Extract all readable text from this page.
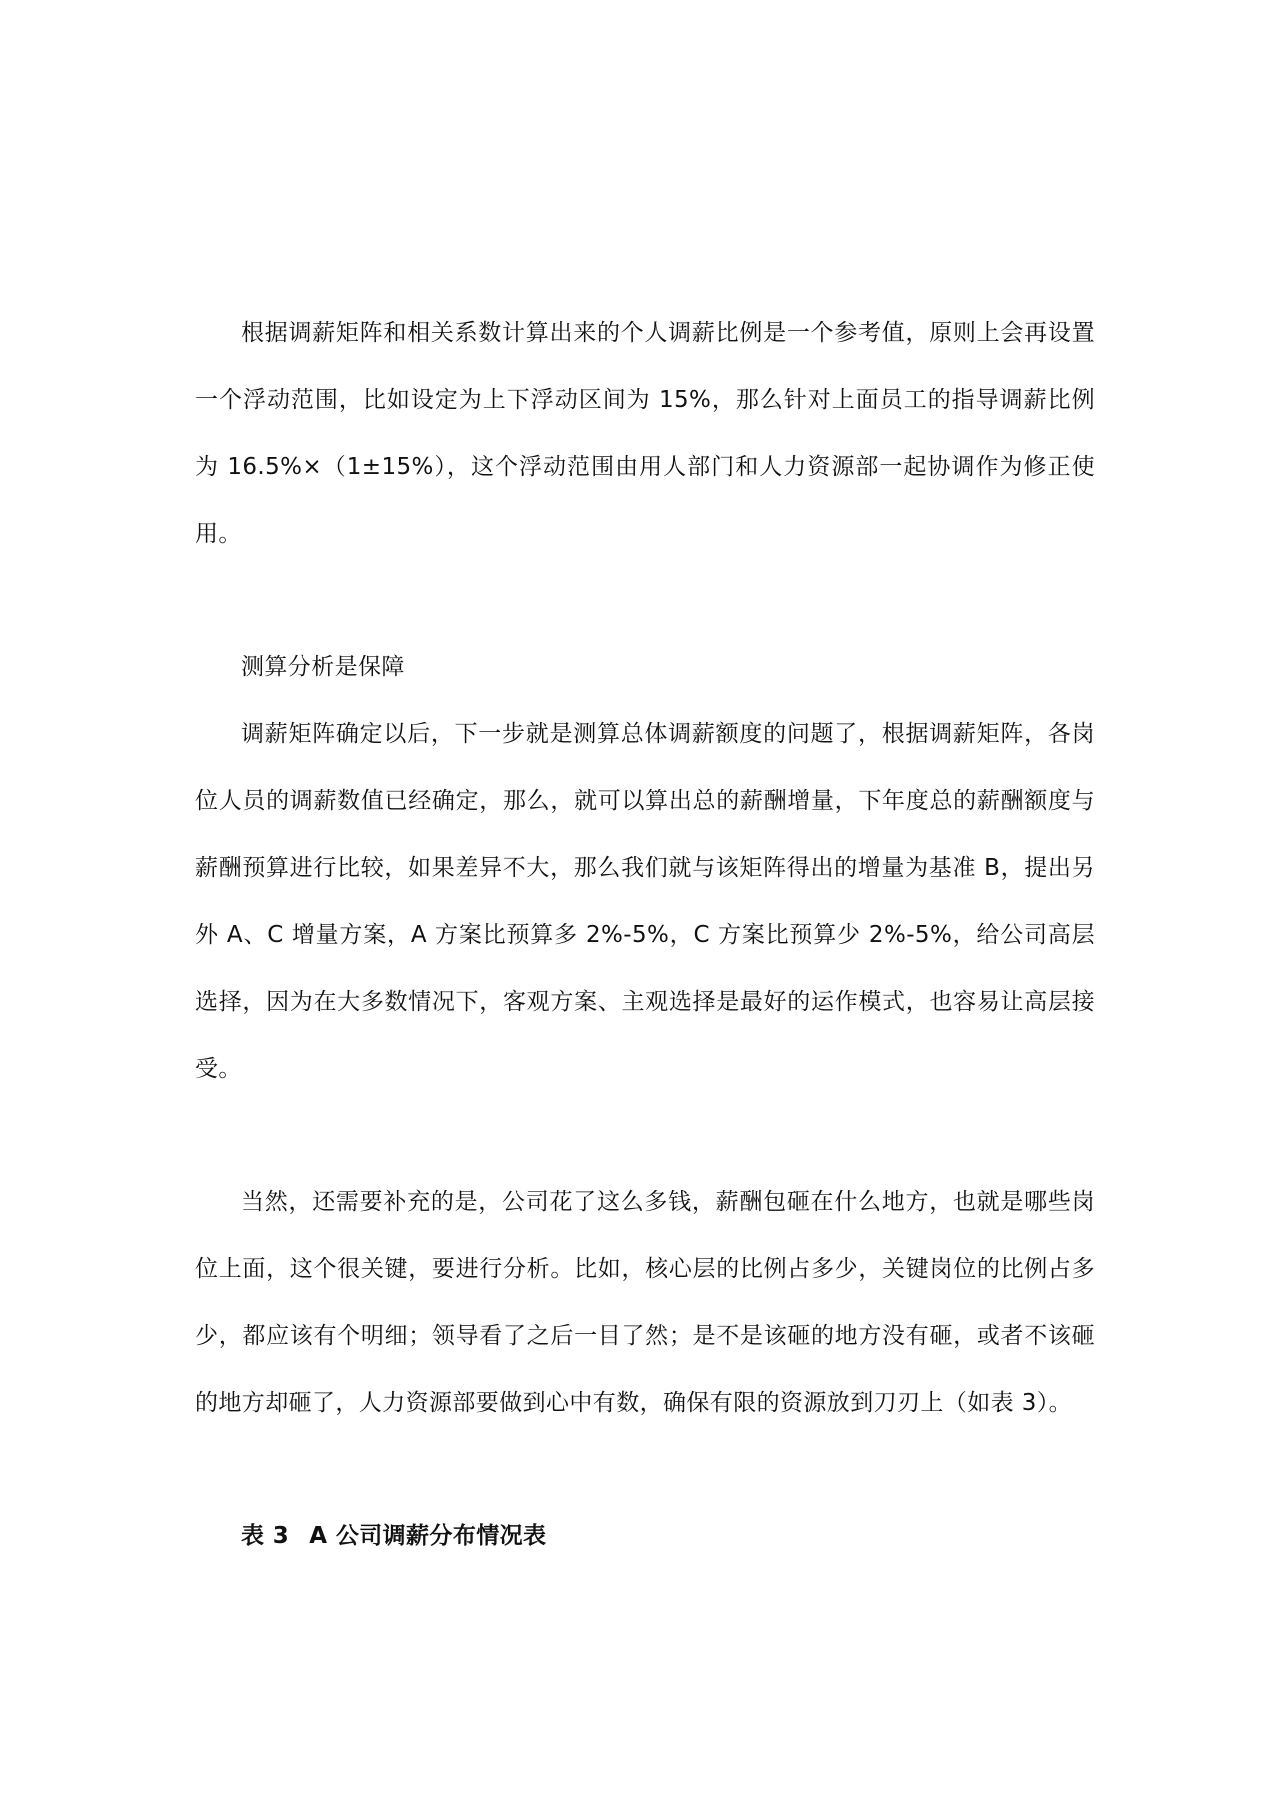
根据调薪矩阵和相关系数计算出来的个人调薪比例是一个参考值，原则上会再设置一个浮动范围，比如设定为上下浮动区间为 15%，那么针对上面员工的指导调薪比例为 16.5%×（1±15%），这个浮动范围由用人部门和人力资源部一起协调作为修正使用。

测算分析是保障

调薪矩阵确定以后，下一步就是测算总体调薪额度的问题了，根据调薪矩阵，各岗位人员的调薪数值已经确定，那么，就可以算出总的薪酬增量，下年度总的薪酬额度与薪酬预算进行比较，如果差异不大，那么我们就与该矩阵得出的增量为基准 B，提出另外 A、C 增量方案，A 方案比预算多 2%-5%，C 方案比预算少 2%-5%，给公司高层选择，因为在大多数情况下，客观方案、主观选择是最好的运作模式，也容易让高层接受。

当然，还需要补充的是，公司花了这么多钱，薪酬包砸在什么地方，也就是哪些岗位上面，这个很关键，要进行分析。比如，核心层的比例占多少，关键岗位的比例占多少，都应该有个明细；领导看了之后一目了然；是不是该砸的地方没有砸，或者不该砸的地方却砸了，人力资源部要做到心中有数，确保有限的资源放到刀刃上（如表 3）。

表 3 A 公司调薪分布情况表
